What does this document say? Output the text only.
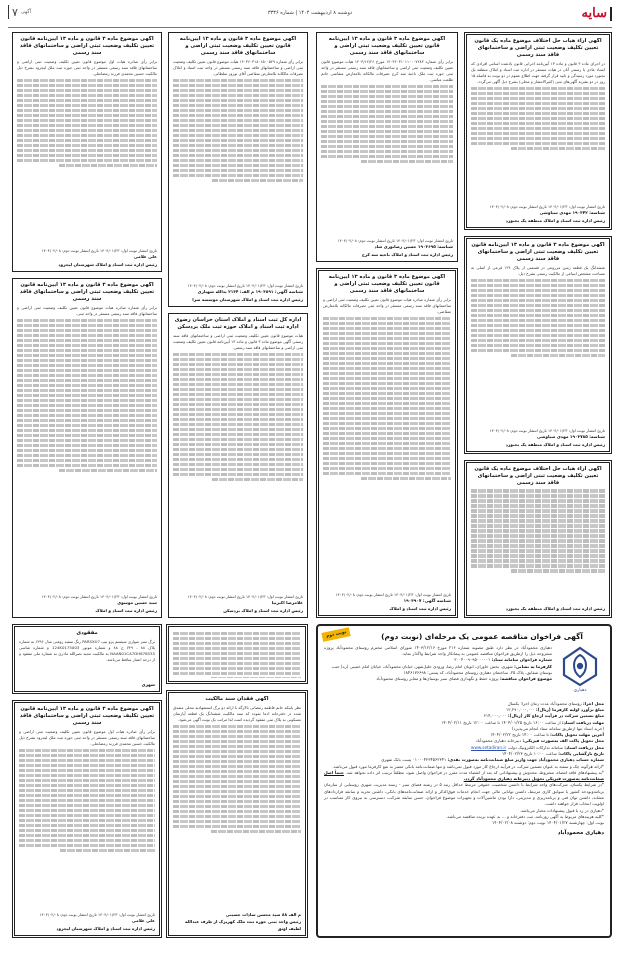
سایه
دوشنبه ۸ اردیبهشت ۱۴۰۴ | شماره ۳۳۳۶
۷ آگهی
آگهی آراء هیات حل اختلاف موضوع ماده یک قانون تعیین تکلیف وضعیت ثبتی اراضی و ساختمانهای فاقد سند رسمی

در اجرای ماده ۳ قانون و ماده ۱۳ آیین‌نامه اجرایی قانون یادشده اسامی افرادی که اسناد عادی یا رسمی آنان در هیات مستقر در اداره ثبت اسناد و املاک منطقه یک بجنورد مورد رسیدگی و تایید قرار گرفته جهت اطلاع عموم در دو نوبت به فاصله ۱۵ روز در دو نشریه آگهی‌های ثبتی (کثیرالانتشار و محلی) بشرح ذیل آگهی می‌گردد.

تاریخ انتشار نوبت اول: ۱۴۰۴/۰۱/۲۳ تاریخ انتشار نوبت دوم: ۱۴۰۴/۰۲/۰۸
شناسه: ۱۹۰۳۴۲ مهدی سیاوشی
رئیس اداره ثبت اسناد و املاک منطقه یک بجنورد
آگهی موضوع ماده ۳ قانون و ماده ۱۳ آیین‌نامه قانون تعیین تکلیف وضعیت ثبتی اراضی و ساختمانهای فاقد سند رسمی

برابر رأی شماره ۱۴۰۳۶۰۳۱۰۱۱۰۰۰۷۲۸۳ مورخ ۱۴۰۳/۱۲/۲۶ هیات موضوع قانون تعیین تکلیف وضعیت ثبتی اراضی و ساختمانهای فاقد سند رسمی مستقر در واحد ثبتی حوزه ثبت ملک ناحیه سه کرج تصرفات مالکانه بلامعارض متقاضی خانم طلعت عباسی.

تاریخ انتشار نوبت اول: ۱۴۰۴/۰۱/۲۳ تاریخ انتشار نوبت دوم: ۱۴۰۴/۰۲/۰۸
شناسه: ۱۹۰۳۶۹۵ حسین رضانوری شاد
رئیس اداره ثبت اسناد و املاک ناحیه سه کرج
آگهی موضوع ماده ۳ قانون و ماده ۱۳ آیین‌نامه قانون تعیین تکلیف وضعیت ثبتی اراضی و ساختمانهای فاقد سند رسمی

برابر رأی شماره ۱۴۰۳۶۰۳۱۸۰۱۵۰۰۵۲۹ هیات موضوع قانون تعیین تکلیف وضعیت ثبتی اراضی و ساختمانهای فاقد سند رسمی مستقر در واحد ثبت اسناد و املاک تصرفات مالکانه بلامعارض متقاضی آقای نوروز سلطانی.

تاریخ انتشار نوبت اول: ۱۴۰۴/۰۱/۲۳ تاریخ انتشار نوبت دوم: ۱۴۰۴/۰۲/۰۸
شناسه آگهی: ۱۹۰۳۸۹۱ م الف: ۲۱۳۴ یدالله شهبازی
رئیس اداره ثبت اسناد و املاک شهرستان موسسه سرا
آگهی موضوع ماده ۳ قانون و ماده ۱۳ آیین‌نامه قانون تعیین تکلیف وضعیت ثبتی اراضی و ساختمانهای فاقد سند رسمی

برابر رأی صادره هیات اول موضوع قانون تعیین تکلیف وضعیت ثبتی اراضی و ساختمانهای فاقد سند رسمی مستقر در واحد ثبتی حوزه ثبت ملک لیجرود بشرح ذیل مالکیت حسین محمدی فرزند رمضانعلی.

تاریخ انتشار نوبت اول: ۱۴۰۴/۰۱/۲۳ تاریخ انتشار نوبت دوم: ۱۴۰۴/۰۲/۰۸
علی غلامی
رئیس اداره ثبت اسناد و املاک شهرستان لیجرود
آگهی موضوع ماده ۳ قانون و ماده ۱۳ آیین‌نامه قانون تعیین تکلیف وضعیت ثبتی اراضی و ساختمانهای فاقد سند رسمی

ششدانگ یک قطعه زمین مزروعی در قسمتی از پلاک ۱۲۹ فرعی از اصلی به مساحت مشخص ابتیاعی از مالکیت رسمی بشرح ذیل.

تاریخ انتشار نوبت اول: ۱۴۰۴/۰۱/۲۳ تاریخ انتشار نوبت دوم: ۱۴۰۴/۰۲/۰۸
شناسه: ۱۹۰۳۷۸۵ مهدی سیاوشی
رئیس اداره ثبت اسناد و املاک منطقه یک بجنورد
آگهی موضوع ماده ۳ قانون و ماده ۱۳ آیین‌نامه قانون تعیین تکلیف وضعیت ثبتی اراضی و ساختمانهای فاقد سند رسمی

برابر رأی شماره صادره هیات موضوع قانون تعیین تکلیف وضعیت ثبتی اراضی و ساختمانهای فاقد سند رسمی مستقر در واحد ثبتی تصرفات مالکانه بلامعارض متقاضی.

تاریخ انتشار نوبت اول: ۱۴۰۴/۰۱/۲۳ تاریخ انتشار نوبت دوم: ۱۴۰۴/۰۲/۰۸
شناسه آگهی: ۱۹۰۳۹۰۷
رئیس اداره ثبت اسناد و املاک
اداره کل ثبت اسناد و املاک استان خراسان رضوی اداره ثبت اسناد و املاک حوزه ثبت ملک بردسکن

هیات موضوع قانون تعیین تکلیف وضعیت ثبتی اراضی و ساختمانهای فاقد سند رسمی آگهی موضوع ماده ۳ قانون و ماده ۱۳ آیین‌نامه قانون تعیین تکلیف وضعیت ثبتی اراضی و ساختمانهای فاقد سند رسمی.

تاریخ انتشار نوبت اول: ۱۴۰۴/۰۱/۲۳ تاریخ انتشار نوبت دوم: ۱۴۰۴/۰۲/۰۸
غلامرضا اکبرنیا
رئیس اداره ثبت اسناد و املاک بردسکن
آگهی موضوع ماده ۳ قانون و ماده ۱۳ آیین‌نامه قانون تعیین تکلیف وضعیت ثبتی اراضی و ساختمانهای فاقد سند رسمی

برابر رأی شماره صادره هیات موضوع قانون تعیین تکلیف وضعیت ثبتی اراضی و ساختمانهای فاقد سند رسمی مستقر در واحد ثبتی.

تاریخ انتشار نوبت اول: ۱۴۰۴/۰۱/۲۳ تاریخ انتشار نوبت دوم: ۱۴۰۴/۰۲/۰۸
سید حسین موسوی
رئیس اداره ثبت اسناد و املاک
آگهی آراء هیات حل اختلاف موضوع ماده یک قانون تعیین تکلیف وضعیت ثبتی اراضی و ساختمانهای فاقد سند رسمی
رئیس اداره ثبت اسناد و املاک منطقه یک بجنورد
مفقودی

برگ سبز سواری سیستم پژو تیپ PARSXU7 رنگ سفید روغنی مدل ۱۳۹۶ به شماره پلاک ۸۸ - ۷۴۹ ج ۸۸ و شماره موتور 124K0175003 و شماره شاسی NAAN01CA7DH878535 به مالکیت مجید نصرالله ماذری به شماره ملی مفقود و از درجه اعتبار ساقط می‌باشد.

شهری
آگهی موضوع ماده ۳ قانون و ماده ۱۳ آیین‌نامه قانون تعیین تکلیف وضعیت ثبتی اراضی و ساختمانهای فاقد سند رسمی

برابر رأی صادره هیات اول موضوع قانون تعیین تکلیف وضعیت ثبتی اراضی و ساختمانهای فاقد سند رسمی مستقر در واحد ثبتی حوزه ثبت ملک لیجرود بشرح ذیل مالکیت حسین محمدی فرزند رمضانعلی.

تاریخ انتشار نوبت اول: ۱۴۰۴/۰۱/۲۳ تاریخ انتشار نوبت دوم: ۱۴۰۴/۰۲/۰۸
علی غلامی
رئیس اداره ثبت اسناد و املاک شهرستان لیجرود
آگهی فقدان سند مالکیت

نظر باینکه خانم فاطمه رمضانی بالارگه با ارائه دو برگ استشهادیه محلی مصدق شده در دفترخانه ادعا نموده که سند مالکیت ششدانگ یک قطعه آپارتمان مسکونی به پلاک ثبتی مفقود گردیده است لذا مراتب یک نوبت آگهی می‌شود.

م الف ۸۸ سید محسن سادات حسینی
رئیس واحد ثبتی حوزه ثبت ملک کهریزک از طرف عبدالله لطیف اوتق
نوبت دوم	آگهی فراخوان مناقصه عمومی یک مرحله‌ای (نوبت دوم)
دهیاری

دهیاری محمودآباد در نظر دارد طبق مصوبه شماره ۲۱۶ مورخ ۱۴۰۳/۱۲/۱۶ شورای اسلامی محترم روستای محمودآباد پروژه مشروحه ذیل را ازطریق فراخوان مناقصه عمومی به پیمانکار واجد شرایط واگذار نماید.

شماره فراخوان سامانه ستاد: ۲۰۰۴۰۰۹۰۹۵۰۰۰۰۰۱
کارفرما به نشانی: شهری، بخش خاوران، اتوبان امام رضا، ورودی خلیل‌شهر، خیابان محمودآباد، خیابان امام خمینی (ره) جنب بوستان شقایق، پلاک ۲۵، ساختمان دهیاری روستای محمودآباد، کد پستی: ۱۸۴۶۱۷۶۶۹۸
موضوع فراخوان مناقصه: پروژه حفظ و نگهداری فضای سبز بوستان‌ها و معابر روستای محمودآباد
محل اجرا: روستای محمودآباد مدت زمان اجرا: یکسال
مبلغ برآورد اولیه کارفرما (ریال): ۱۲,۲۹۰,۰۰۰,۰۰۰
مبلغ تضمین شرکت در فرآیند ارجاع کار (ریال): ۶۱۴,۰۰۰,۰۰۰
مهلت دریافت اسناد: از ساعت ۱۶:۰۰ تاریخ ۱۴۰۴/۰۱/۲۵ تا ساعت ۱۲:۰۰ تاریخ ۱۴۰۴/۰۲/۱۱
(خرید اسناد تنها ازطریق سامانه ستاد انجام می‌پذیرد)
آخرین مهلت تحویل پاکات: تا ساعت ۱۴:۰۰ تاریخ ۱۴۰۴/۰۲/۲۲
محل تحویل پاکت الف به‌صورت فیزیکی: دبیرخانه دهیاری محمودآباد
محل دریافت اسناد: سامانه تدارکات الکترونیک دولت www.setadiran.ir
تاریخ بازگشایی پاکات: ساعت ۱۰:۰۰ تاریخ ۱۴۰۴/۰۲/۲۳
شماره حساب دهیاری محمودآباد جهت واریز مبلغ ضمانت‌نامه به‌صورت نقدی: ۰۱۰۰۰۴۲۳۴۵۶۲۳۴۱ پست بانک شهری

*ارائه هرگونه چک و سفته به عنوان تضمین شرکت در فرآیند ارجاع کار مورد قبول نمی‌باشد و تنها ضمانت‌نامه بانکی معتبر به نفع کارفرما مورد قبول می‌باشد.

*به پیشنهادهای فاقد امضاء، مشروط، مخدوش و پیشنهاداتی که بعد از انقضاء مدت مقرر در فراخوان واصل شود، مطلقاً ترتیب اثر داده نخواهد شد. حتماً اصل ضمانت‌نامه به‌صورت فیزیکی تحویل دبیرخانه دهیاری محمودآباد گردد.

*در شرایط یکسان، شرکت‌های واجد شرایط با داشتن شخصیت حقوقی مرتبط حداقل رتبه ۵ در رشته فضای سبز - رسته مدیریت شهری روستایی از سازمان برنامه‌وبودجه کشور با سوابق کاری مرتبط، داشتن توانایی مالی جهت انجام خدمات فوق‌الذکر و ارائه ضمانت‌نامه‌های بانکی، داشتن تجربه و سابقه قراردادهای مشابه، داشتن توان فنی و برنامه‌ریزی و مدیریتی، دارا بودن ماشین‌آلات و تجهیزات موضوع فراخوان، حسن سابقه شرکت، دسترسی به نیروی کار متناسب در اولویت انتخاب قرار خواهند داشت.

*دهیاری در رد یا قبول پیشنهادات مختار می‌باشد.

*کلیه هزینه‌های مربوط به آگهی روزنامه، ثبت دفترخانه و ... به عهده برنده مناقصه می‌باشد.

نوبت اول: چهارشنبه ۱۴۰۴/۰۱/۲۷ نوبت دوم: دوشنبه ۱۴۰۴/۰۲/۰۸

دهیاری محمودآباد
